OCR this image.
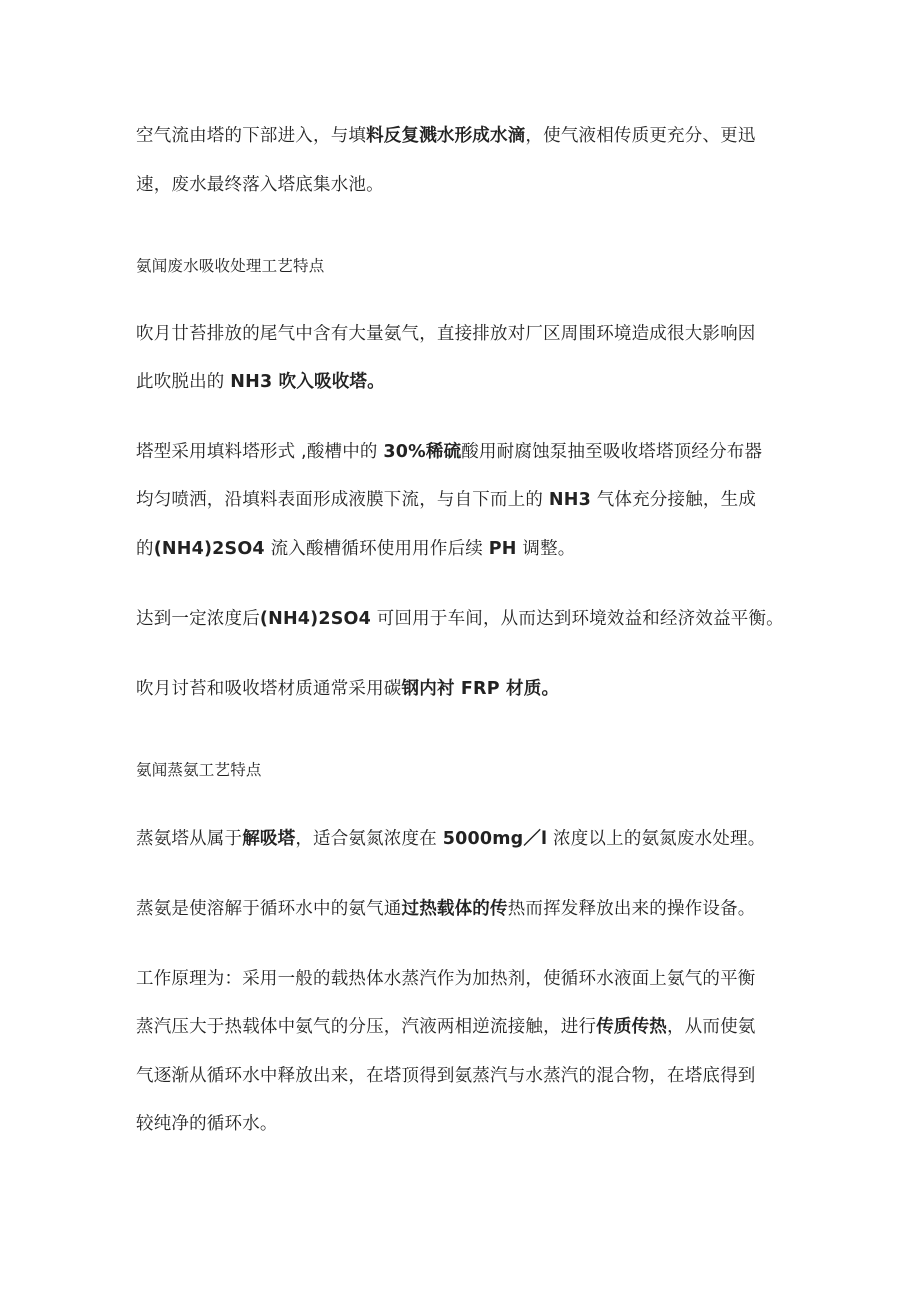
空气流由塔的下部进入，与填料反复溅水形成水滴，使气液相传质更充分、更迅
速，废水最终落入塔底集水池。
氨闻废水吸收处理工艺特点
吹月廿苔排放的尾气中含有大量氨气，直接排放对厂区周围环境造成很大影响因
此吹脱出的 NH3 吹入吸收塔。
塔型采用填料塔形式 ,酸槽中的 30%稀硫酸用耐腐蚀泵抽至吸收塔塔顶经分布器
均匀喷洒，沿填料表面形成液膜下流，与自下而上的 NH3 气体充分接触，生成
的(NH4)2SO4 流入酸槽循环使用用作后续 PH 调整。
达到一定浓度后(NH4)2SO4 可回用于车间，从而达到环境效益和经济效益平衡。
吹月讨苔和吸收塔材质通常采用碳钢内衬 FRP 材质。
氨闻蒸氨工艺特点
蒸氨塔从属于解吸塔，适合氨氮浓度在 5000mg／l 浓度以上的氨氮废水处理。
蒸氨是使溶解于循环水中的氨气通过热载体的传热而挥发释放出来的操作设备。
工作原理为：采用一般的载热体水蒸汽作为加热剂，使循环水液面上氨气的平衡
蒸汽压大于热载体中氨气的分压，汽液两相逆流接触，进行传质传热，从而使氨
气逐渐从循环水中释放出来，在塔顶得到氨蒸汽与水蒸汽的混合物，在塔底得到
较纯净的循环水。
